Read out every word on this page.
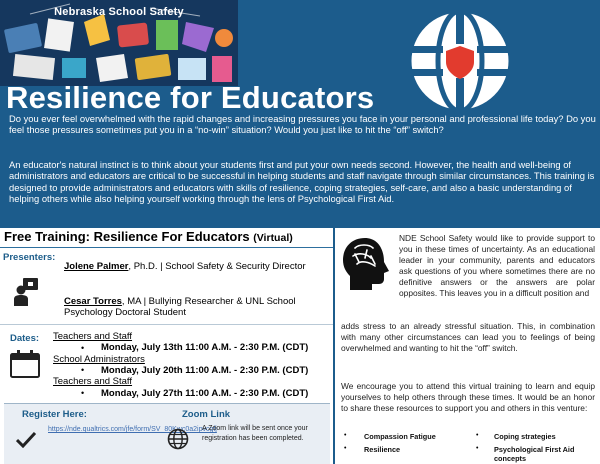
Nebraska School Safety
Resilience for Educators
Do you ever feel overwhelmed with the rapid changes and increasing pressures you face in your personal and professional life today? Do you feel those pressures sometimes put you in a “no-win” situation? Would you just like to hit the “off” switch?
An educator's natural instinct is to think about your students first and put your own needs second. However, the health and well-being of administrators and educators are critical to be successful in helping students and staff navigate through similar circumstances. This training is designed to provide administrators and educators with skills of resilience, coping strategies, self-care, and also a basic understanding of helping others while also helping yourself working through the lens of Psychological First Aid.
Free Training: Resilience For Educators (Virtual)
Presenters:
Jolene Palmer, Ph.D. | School Safety & Security Director
Cesar Torres, MA | Bullying Researcher & UNL School Psychology Doctoral Student
Dates: Teachers and Staff
• Monday, July 13th 11:00 A.M. - 2:30 P.M. (CDT)
School Administrators
• Monday, July 20th 11:00 A.M. - 2:30 P.M. (CDT)
Teachers and Staff
• Monday, July 27th 11:00 A.M. - 2:30 P.M. (CDT)
Register Here:
https://nde.qualtrics.com/jfe/form/SV_80Kwc0a2ipvcgfj
Zoom Link
A Zoom link will be sent once your registration has been completed.
NDE School Safety would like to provide support to you in these times of uncertainty. As an educational leader in your community, parents and educators ask questions of you where sometimes there are no definitive answers or the answers are polar opposites. This leaves you in a difficult position and
adds stress to an already stressful situation. This, in combination with many other circumstances can lead you to feelings of being overwhelmed and wanting to hit the “off” switch.
We encourage you to attend this virtual training to learn and equip yourselves to help others through these times. It would be an honor to share these resources to support you and others in this venture:
• Compassion Fatigue
• Resilience
• Coping strategies
• Psychological First Aid concepts
